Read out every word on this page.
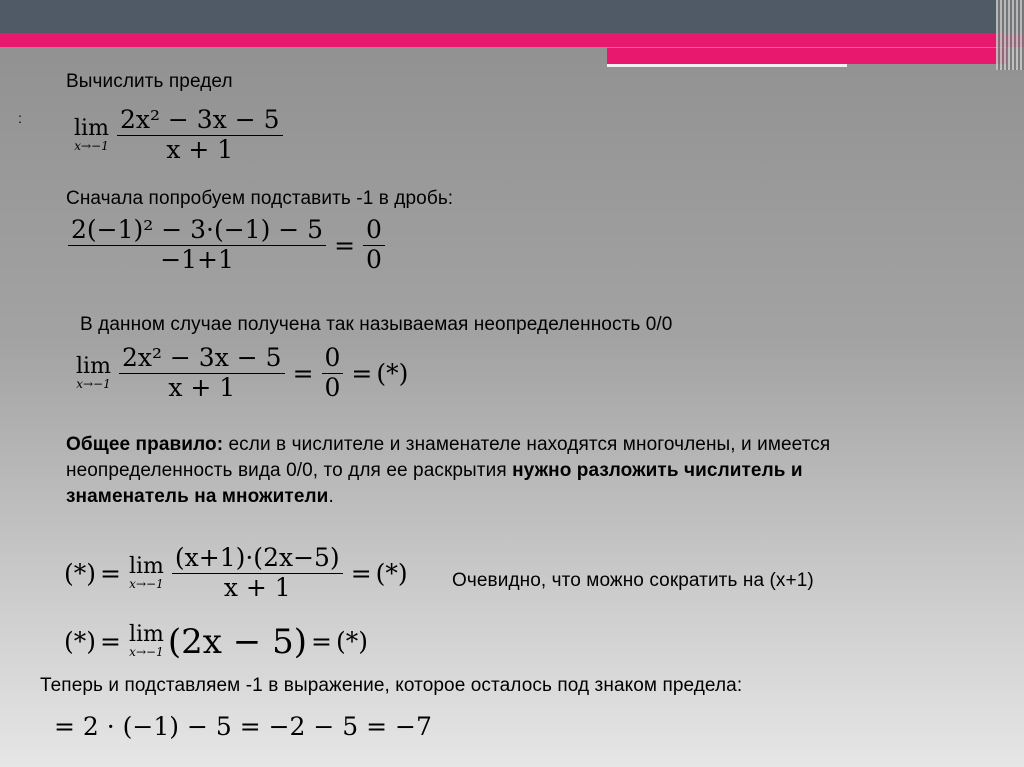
Вычислить предел
: lim
$x\to-1 \frac{\text{2x² − 3x − 5}}{x + 1}$
Сначала попробуем подставить -1 в дробь:
$\frac{\text{2(−1)² − 3·(−1) − 5}}{-1+1} = \frac{0}{0}$
В данном случае получена так называемая неопределенность 0/0
lim
$x\to-1 \frac{\text{2x² − 3x − 5}}{x + 1} = \frac{0}{0}$ = (*)
Общее правило: если в числителе и знаменателе находятся многочлены, и имеется неопределенность вида 0/0, то для ее раскрытия нужно разложить числитель и знаменатель на множители.
(*) = lim
$x\to-1 \frac{(x+1)\cdot(2x-5)}{x + 1}$ = (*) Очевидно, что можно сократить на (x+1)
(*) = lim
x→−1 (2x − 5) = (*)
Теперь и подставляем -1 в выражение, которое осталось под знаком предела:
= 2 · (−1) − 5 = −2 − 5 = −7
